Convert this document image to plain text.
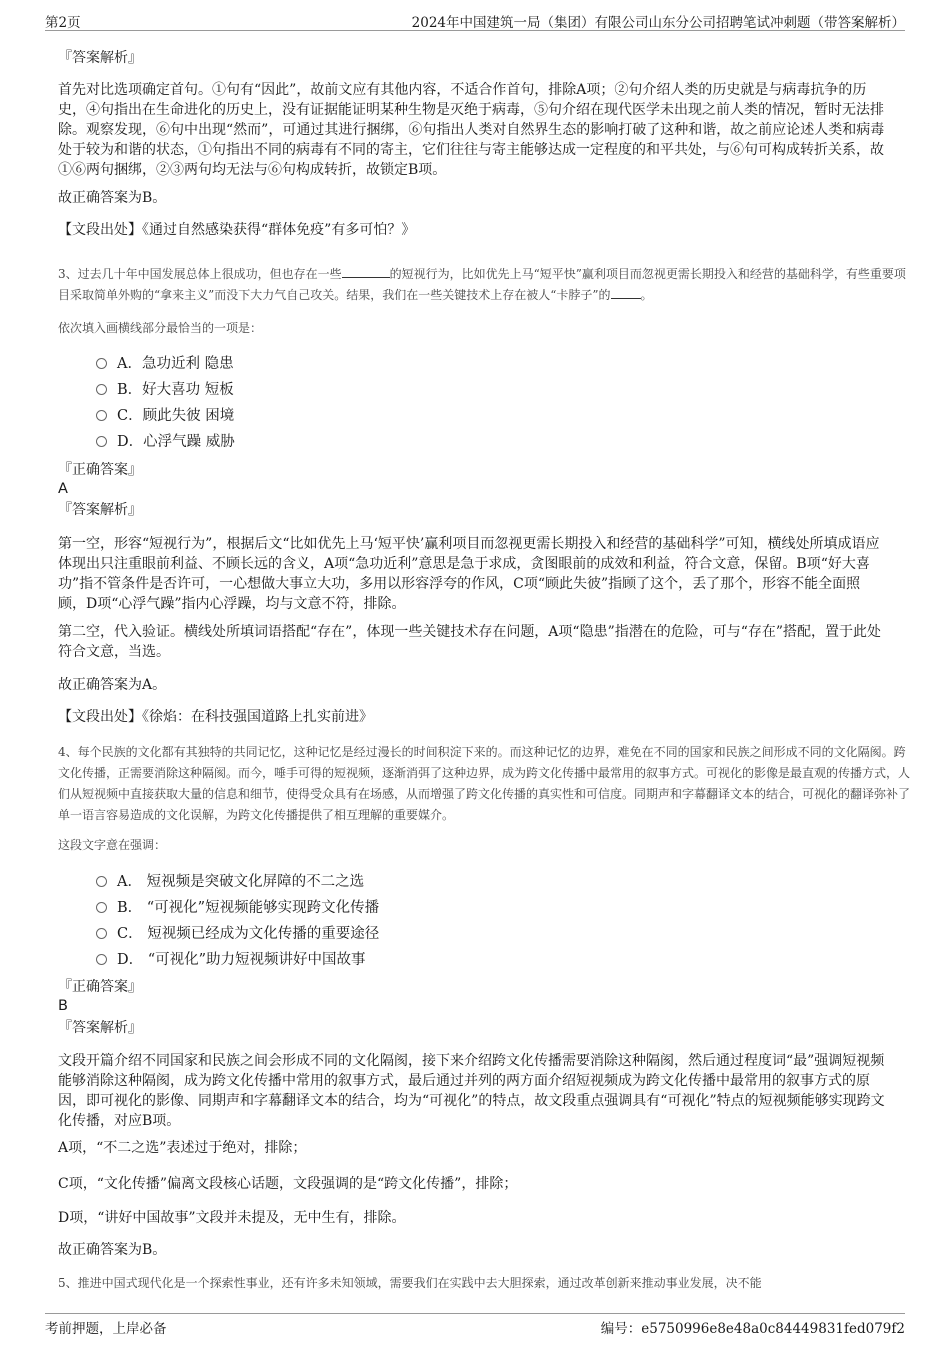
第2页	2024年中国建筑一局（集团）有限公司山东分公司招聘笔试冲刺题（带答案解析）

『答案解析』

首先对比选项确定首句。①句有“因此”，故前文应有其他内容，不适合作首句，排除A项；②句介绍人类的历史就是与病毒抗争的历史，④句指出在生命进化的历史上，没有证据能证明某种生物是灭绝于病毒，⑤句介绍在现代医学未出现之前人类的情况，暂时无法排除。观察发现，⑥句中出现“然而”，可通过其进行捆绑，⑥句指出人类对自然界生态的影响打破了这种和谐，故之前应论述人类和病毒处于较为和谐的状态，①句指出不同的病毒有不同的寄主，它们往往与寄主能够达成一定程度的和平共处，与⑥句可构成转折关系，故①⑥两句捆绑，②③两句均无法与⑥句构成转折，故锁定B项。

故正确答案为B。

【文段出处】《通过自然感染获得“群体免疫”有多可怕？》

3、过去几十年中国发展总体上很成功，但也存在一些	的短视行为，比如优先上马“短平快”赢利项目而忽视更需长期投入和经营的基础科学，有些重要项目采取简单外购的“拿来主义”而没下大力气自己攻关。结果，我们在一些关键技术上存在被人“卡脖子”的	。

依次填入画横线部分最恰当的一项是：

A．急功近利 隐患
B．好大喜功 短板
C．顾此失彼 困境
D．心浮气躁 威胁

『正确答案』

A

『答案解析』

第一空，形容“短视行为”，根据后文“比如优先上马‘短平快’赢利项目而忽视更需长期投入和经营的基础科学”可知，横线处所填成语应体现出只注重眼前利益、不顾长远的含义，A项“急功近利”意思是急于求成，贪图眼前的成效和利益，符合文意，保留。B项“好大喜功”指不管条件是否许可，一心想做大事立大功，多用以形容浮夸的作风，C项“顾此失彼”指顾了这个，丢了那个，形容不能全面照顾，D项“心浮气躁”指内心浮躁，均与文意不符，排除。

第二空，代入验证。横线处所填词语搭配“存在”，体现一些关键技术存在问题，A项“隐患”指潜在的危险，可与“存在”搭配，置于此处符合文意，当选。

故正确答案为A。

【文段出处】《徐焰：在科技强国道路上扎实前进》

4、每个民族的文化都有其独特的共同记忆，这种记忆是经过漫长的时间积淀下来的。而这种记忆的边界，难免在不同的国家和民族之间形成不同的文化隔阂。跨文化传播，正需要消除这种隔阂。而今，唾手可得的短视频，逐渐消弭了这种边界，成为跨文化传播中最常用的叙事方式。可视化的影像是最直观的传播方式，人们从短视频中直接获取大量的信息和细节，使得受众具有在场感，从而增强了跨文化传播的真实性和可信度。同期声和字幕翻译文本的结合，可视化的翻译弥补了单一语言容易造成的文化误解，为跨文化传播提供了相互理解的重要媒介。

这段文字意在强调：

A． 短视频是突破文化屏障的不二之选
B． “可视化”短视频能够实现跨文化传播
C． 短视频已经成为文化传播的重要途径
D． “可视化”助力短视频讲好中国故事

『正确答案』

B

『答案解析』

文段开篇介绍不同国家和民族之间会形成不同的文化隔阂，接下来介绍跨文化传播需要消除这种隔阂，然后通过程度词“最”强调短视频能够消除这种隔阂，成为跨文化传播中常用的叙事方式，最后通过并列的两方面介绍短视频成为跨文化传播中最常用的叙事方式的原因，即可视化的影像、同期声和字幕翻译文本的结合，均为“可视化”的特点，故文段重点强调具有“可视化”特点的短视频能够实现跨文化传播，对应B项。

A项，“不二之选”表述过于绝对，排除；

C项，“文化传播”偏离文段核心话题，文段强调的是“跨文化传播”，排除；

D项，“讲好中国故事”文段并未提及，无中生有，排除。

故正确答案为B。

5、推进中国式现代化是一个探索性事业，还有许多未知领域，需要我们在实践中去大胆探索，通过改革创新来推动事业发展，决不能

考前押题，上岸必备	编号：e5750996e8e48a0c84449831fed079f2
